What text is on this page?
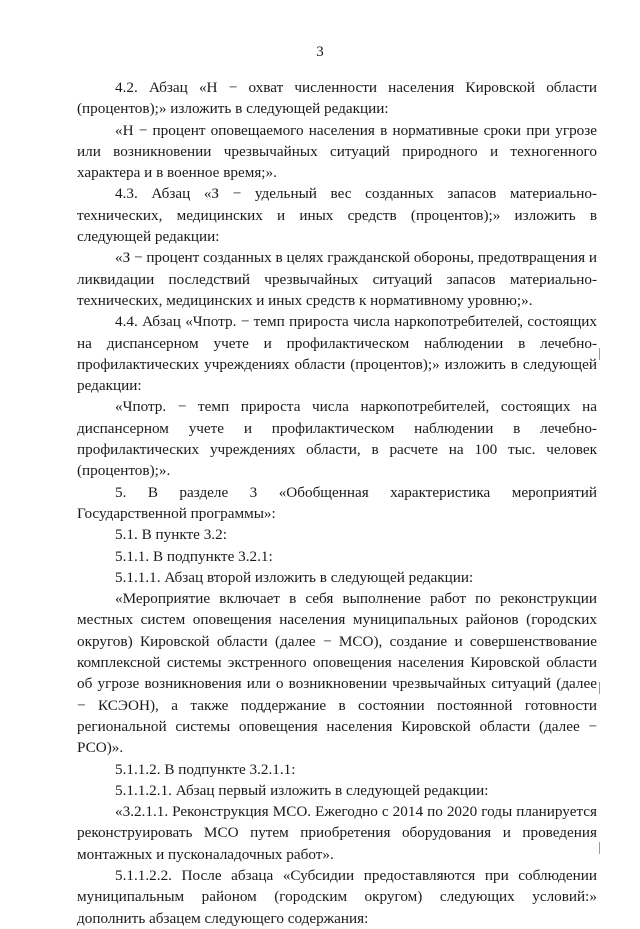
3

4.2. Абзац «Н − охват численности населения Кировской области (процентов);» изложить в следующей редакции:

«Н − процент оповещаемого населения в нормативные сроки при угрозе или возникновении чрезвычайных ситуаций природного и техногенного характера и в военное время;».

4.3. Абзац «З − удельный вес созданных запасов материально-технических, медицинских и иных средств (процентов);» изложить в следующей редакции:

«З − процент созданных в целях гражданской обороны, предотвращения и ликвидации последствий чрезвычайных ситуаций запасов материально-технических, медицинских и иных средств к нормативному уровню;».

4.4. Абзац «Чпотр. − темп прироста числа наркопотребителей, состоящих на диспансерном учете и профилактическом наблюдении в лечебно-профилактических учреждениях области (процентов);» изложить в следующей редакции:

«Чпотр. − темп прироста числа наркопотребителей, состоящих на диспансерном учете и профилактическом наблюдении в лечебно-профилактических учреждениях области, в расчете на 100 тыс. человек (процентов);».

5. В разделе 3 «Обобщенная характеристика мероприятий Государственной программы»:

5.1. В пункте 3.2:

5.1.1. В подпункте 3.2.1:

5.1.1.1. Абзац второй изложить в следующей редакции:

«Мероприятие включает в себя выполнение работ по реконструкции местных систем оповещения населения муниципальных районов (городских округов) Кировской области (далее − МСО), создание и совершенствование комплексной системы экстренного оповещения населения Кировской области об угрозе возникновения или о возникновении чрезвычайных ситуаций (далее − КСЭОН), а также поддержание в состоянии постоянной готовности региональной системы оповещения населения Кировской области (далее − РСО)».

5.1.1.2. В подпункте 3.2.1.1:

5.1.1.2.1. Абзац первый изложить в следующей редакции:

«3.2.1.1. Реконструкция МСО. Ежегодно с 2014 по 2020 годы планируется реконструировать МСО путем приобретения оборудования и проведения монтажных и пусконаладочных работ».

5.1.1.2.2. После абзаца «Субсидии предоставляются при соблюдении муниципальным районом (городским округом) следующих условий:» дополнить абзацем следующего содержания:
